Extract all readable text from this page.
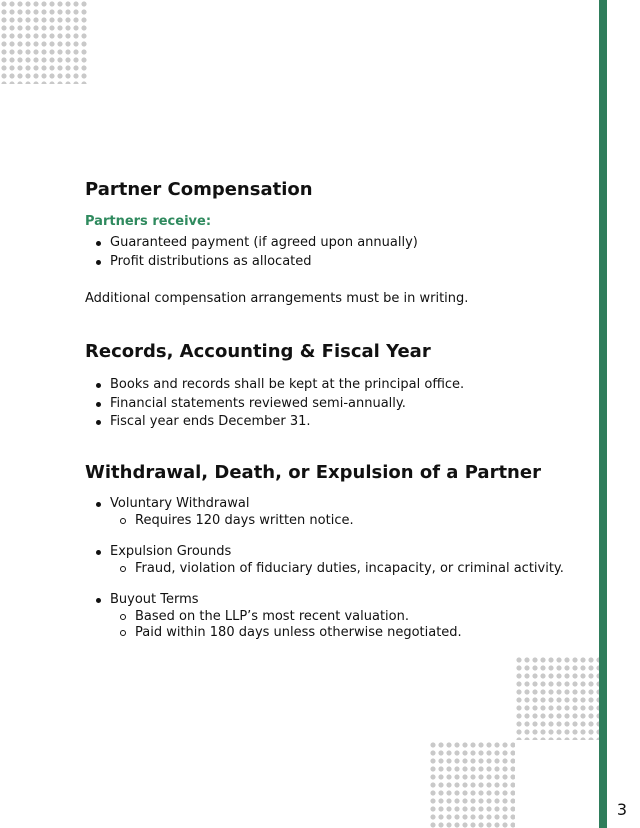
3
Partner Compensation
Partners receive:
Guaranteed payment (if agreed upon annually)
Profit distributions as allocated
Additional compensation arrangements must be in writing.
Records, Accounting & Fiscal Year
Books and records shall be kept at the principal office.
Financial statements reviewed semi-annually.
Fiscal year ends December 31.
Withdrawal, Death, or Expulsion of a Partner
Voluntary Withdrawal
Requires 120 days written notice.
Expulsion Grounds
Fraud, violation of fiduciary duties, incapacity, or criminal activity.
Buyout Terms
Based on the LLP’s most recent valuation.
Paid within 180 days unless otherwise negotiated.
